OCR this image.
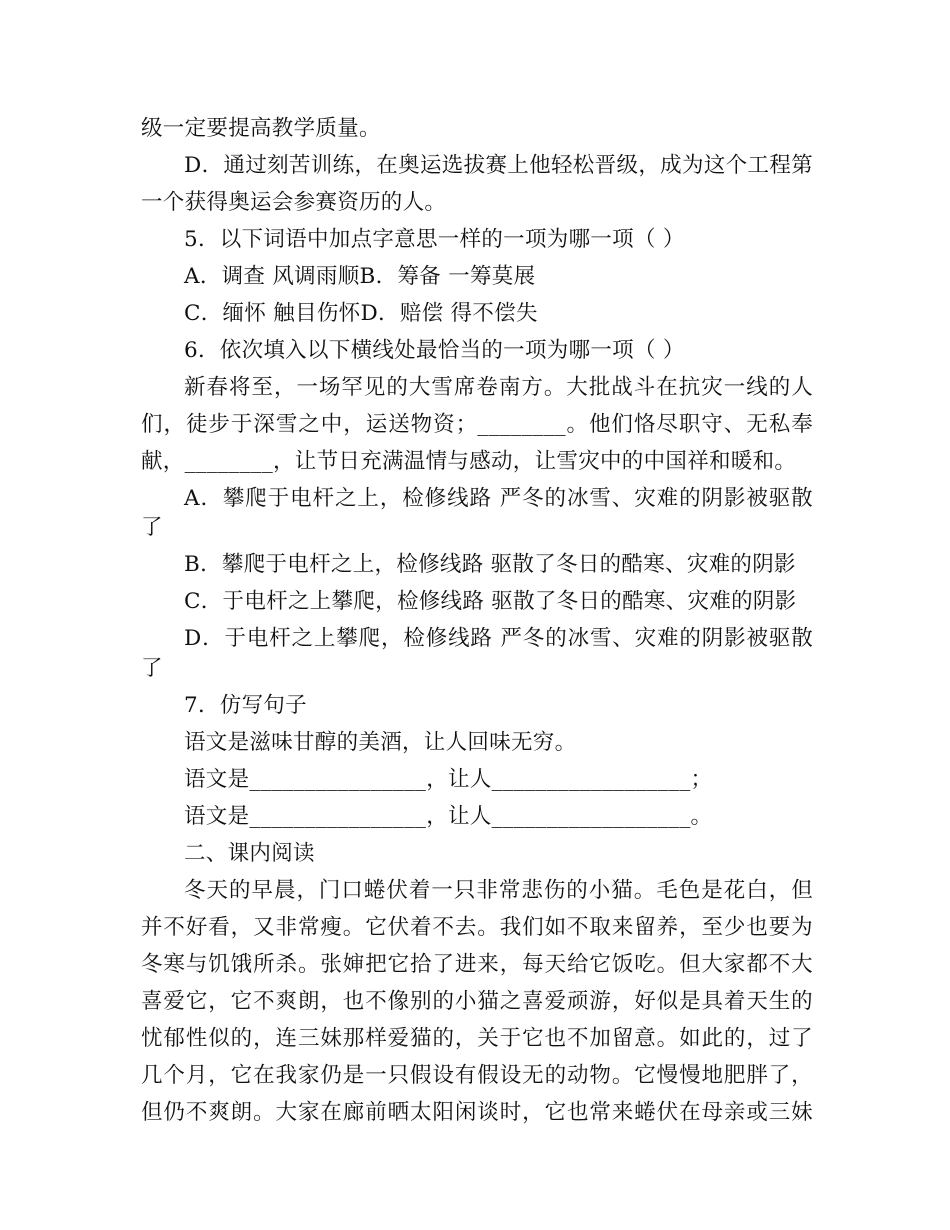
级一定要提高教学质量。
D．通过刻苦训练，在奥运选拔赛上他轻松晋级，成为这个工程第
一个获得奥运会参赛资历的人。
5．以下词语中加点字意思一样的一项为哪一项（ ）
A．调查 风调雨顺B．筹备 一筹莫展
C．缅怀 触目伤怀D．赔偿 得不偿失
6．依次填入以下横线处最恰当的一项为哪一项（ ）
新春将至，一场罕见的大雪席卷南方。大批战斗在抗灾一线的人
们，徒步于深雪之中，运送物资；________。他们恪尽职守、无私奉
献，________，让节日充满温情与感动，让雪灾中的中国祥和暖和。
A．攀爬于电杆之上，检修线路 严冬的冰雪、灾难的阴影被驱散
了
B．攀爬于电杆之上，检修线路 驱散了冬日的酷寒、灾难的阴影
C．于电杆之上攀爬，检修线路 驱散了冬日的酷寒、灾难的阴影
D．于电杆之上攀爬，检修线路 严冬的冰雪、灾难的阴影被驱散
了
7．仿写句子
语文是滋味甘醇的美酒，让人回味无穷。
语文是________________，让人__________________；
语文是________________，让人__________________。
二、课内阅读
冬天的早晨，门口蜷伏着一只非常悲伤的小猫。毛色是花白，但
并不好看，又非常瘦。它伏着不去。我们如不取来留养，至少也要为
冬寒与饥饿所杀。张婶把它拾了进来，每天给它饭吃。但大家都不大
喜爱它，它不爽朗，也不像别的小猫之喜爱顽游，好似是具着天生的
忧郁性似的，连三妹那样爱猫的，关于它也不加留意。如此的，过了
几个月，它在我家仍是一只假设有假设无的动物。它慢慢地肥胖了，
但仍不爽朗。大家在廊前晒太阳闲谈时，它也常来蜷伏在母亲或三妹
